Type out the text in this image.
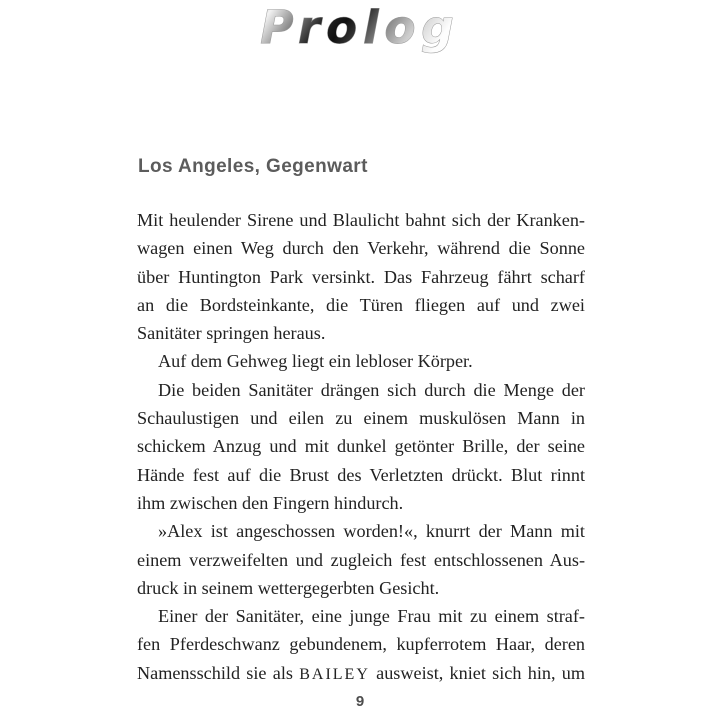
Prolog
Los Angeles, Gegenwart
Mit heulender Sirene und Blaulicht bahnt sich der Kranken-
wagen einen Weg durch den Verkehr, während die Sonne
über Huntington Park versinkt. Das Fahrzeug fährt scharf
an die Bordsteinkante, die Türen fliegen auf und zwei
Sanitäter springen heraus.
Auf dem Gehweg liegt ein lebloser Körper.
Die beiden Sanitäter drängen sich durch die Menge der
Schaulustigen und eilen zu einem muskulösen Mann in
schickem Anzug und mit dunkel getönter Brille, der seine
Hände fest auf die Brust des Verletzten drückt. Blut rinnt
ihm zwischen den Fingern hindurch.
»Alex ist angeschossen worden!«, knurrt der Mann mit
einem verzweifelten und zugleich fest entschlossenen Aus-
druck in seinem wettergegerbten Gesicht.
Einer der Sanitäter, eine junge Frau mit zu einem straf-
fen Pferdeschwanz gebundenem, kupferrotem Haar, deren
Namensschild sie als BAILEY ausweist, kniet sich hin, um
9
